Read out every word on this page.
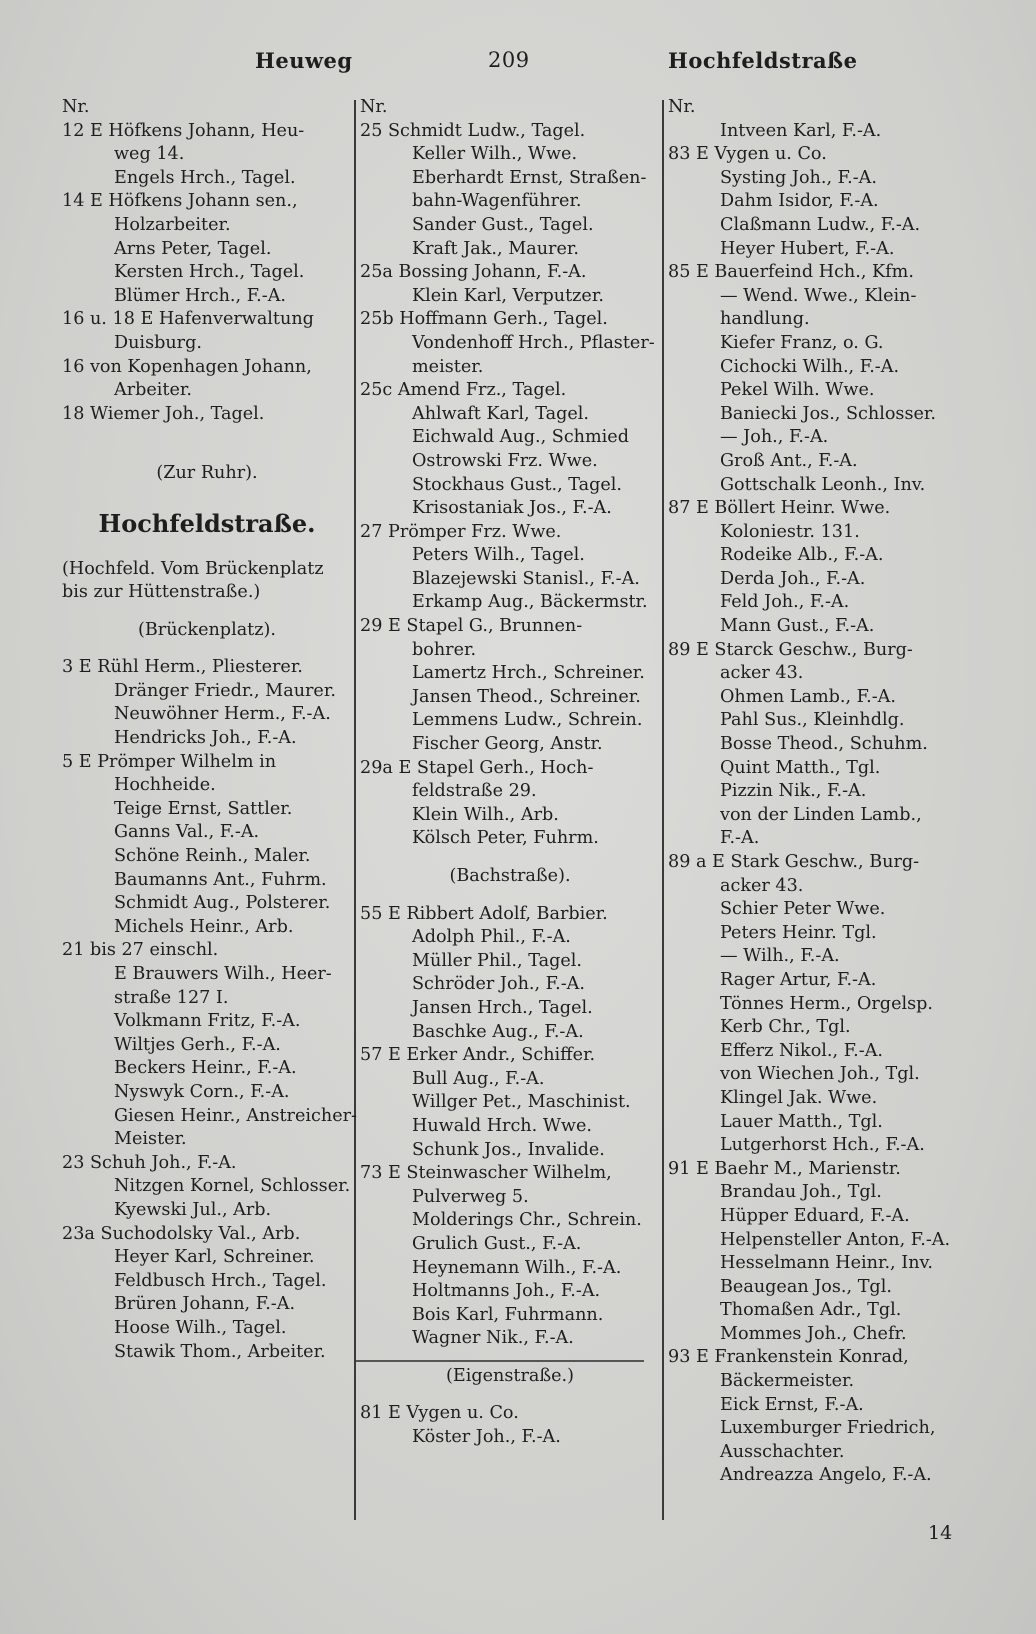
Heuweg	209	Hochfeldstraße
Nr.
12 E Höfkens Johann, Heu-
weg 14.
Engels Hrch., Tagel.
14 E Höfkens Johann sen.,
Holzarbeiter.
Arns Peter, Tagel.
Kersten Hrch., Tagel.
Blümer Hrch., F.-A.
16 u. 18 E Hafenverwaltung
Duisburg.
16 von Kopenhagen Johann,
Arbeiter.
18 Wiemer Joh., Tagel.
(Zur Ruhr).
Hochfeldstraße.
(Hochfeld. Vom Brückenplatz bis zur Hüttenstraße.)
(Brückenplatz).
3 E Rühl Herm., Pliesterer.
Dränger Friedr., Maurer.
Neuwöhner Herm., F.-A.
Hendricks Joh., F.-A.
5 E Prömper Wilhelm in
Hochheide.
Teige Ernst, Sattler.
Ganns Val., F.-A.
Schöne Reinh., Maler.
Baumanns Ant., Fuhrm.
Schmidt Aug., Polsterer.
Michels Heinr., Arb.
21 bis 27 einschl.
E Brauwers Wilh., Heer-
straße 127 I.
Volkmann Fritz, F.-A.
Wiltjes Gerh., F.-A.
Beckers Heinr., F.-A.
Nyswyk Corn., F.-A.
Giesen Heinr., Anstreicher-
Meister.
23 Schuh Joh., F.-A.
Nitzgen Kornel, Schlosser.
Kyewski Jul., Arb.
23a Suchodolsky Val., Arb.
Heyer Karl, Schreiner.
Feldbusch Hrch., Tagel.
Brüren Johann, F.-A.
Hoose Wilh., Tagel.
Stawik Thom., Arbeiter.
Nr.
25 Schmidt Ludw., Tagel.
Keller Wilh., Wwe.
Eberhardt Ernst, Straßen-
bahn-Wagenführer.
Sander Gust., Tagel.
Kraft Jak., Maurer.
25a Bossing Johann, F.-A.
Klein Karl, Verputzer.
25b Hoffmann Gerh., Tagel.
Vondenhoff Hrch., Pflaster-
meister.
25c Amend Frz., Tagel.
Ahlwaft Karl, Tagel.
Eichwald Aug., Schmied
Ostrowski Frz. Wwe.
Stockhaus Gust., Tagel.
Krisostaniak Jos., F.-A.
27 Prömper Frz. Wwe.
Peters Wilh., Tagel.
Blazejewski Stanisl., F.-A.
Erkamp Aug., Bäckermstr.
29 E Stapel G., Brunnen-
bohrer.
Lamertz Hrch., Schreiner.
Jansen Theod., Schreiner.
Lemmens Ludw., Schrein.
Fischer Georg, Anstr.
29a E Stapel Gerh., Hoch-
feldstraße 29.
Klein Wilh., Arb.
Kölsch Peter, Fuhrm.
(Bachstraße).
55 E Ribbert Adolf, Barbier.
Adolph Phil., F.-A.
Müller Phil., Tagel.
Schröder Joh., F.-A.
Jansen Hrch., Tagel.
Baschke Aug., F.-A.
57 E Erker Andr., Schiffer.
Bull Aug., F.-A.
Willger Pet., Maschinist.
Huwald Hrch. Wwe.
Schunk Jos., Invalide.
73 E Steinwascher Wilhelm,
Pulverweg 5.
Molderings Chr., Schrein.
Grulich Gust., F.-A.
Heynemann Wilh., F.-A.
Holtmanns Joh., F.-A.
Bois Karl, Fuhrmann.
Wagner Nik., F.-A.
(Eigenstraße.)
81 E Vygen u. Co.
Köster Joh., F.-A.
Nr.
Intveen Karl, F.-A.
83 E Vygen u. Co.
Systing Joh., F.-A.
Dahm Isidor, F.-A.
Claßmann Ludw., F.-A.
Heyer Hubert, F.-A.
85 E Bauerfeind Hch., Kfm.
— Wend. Wwe., Klein-
handlung.
Kiefer Franz, o. G.
Cichocki Wilh., F.-A.
Pekel Wilh. Wwe.
Baniecki Jos., Schlosser.
— Joh., F.-A.
Groß Ant., F.-A.
Gottschalk Leonh., Inv.
87 E Böllert Heinr. Wwe.
Koloniestr. 131.
Rodeike Alb., F.-A.
Derda Joh., F.-A.
Feld Joh., F.-A.
Mann Gust., F.-A.
89 E Starck Geschw., Burg-
acker 43.
Ohmen Lamb., F.-A.
Pahl Sus., Kleinhdlg.
Bosse Theod., Schuhm.
Quint Matth., Tgl.
Pizzin Nik., F.-A.
von der Linden Lamb.,
F.-A.
89 a E Stark Geschw., Burg-
acker 43.
Schier Peter Wwe.
Peters Heinr. Tgl.
— Wilh., F.-A.
Rager Artur, F.-A.
Tönnes Herm., Orgelsp.
Kerb Chr., Tgl.
Efferz Nikol., F.-A.
von Wiechen Joh., Tgl.
Klingel Jak. Wwe.
Lauer Matth., Tgl.
Lutgerhorst Hch., F.-A.
91 E Baehr M., Marienstr.
Brandau Joh., Tgl.
Hüpper Eduard, F.-A.
Helpensteller Anton, F.-A.
Hesselmann Heinr., Inv.
Beaugean Jos., Tgl.
Thomaßen Adr., Tgl.
Mommes Joh., Chefr.
93 E Frankenstein Konrad,
Bäckermeister.
Eick Ernst, F.-A.
Luxemburger Friedrich,
Ausschachter.
Andreazza Angelo, F.-A.
14
